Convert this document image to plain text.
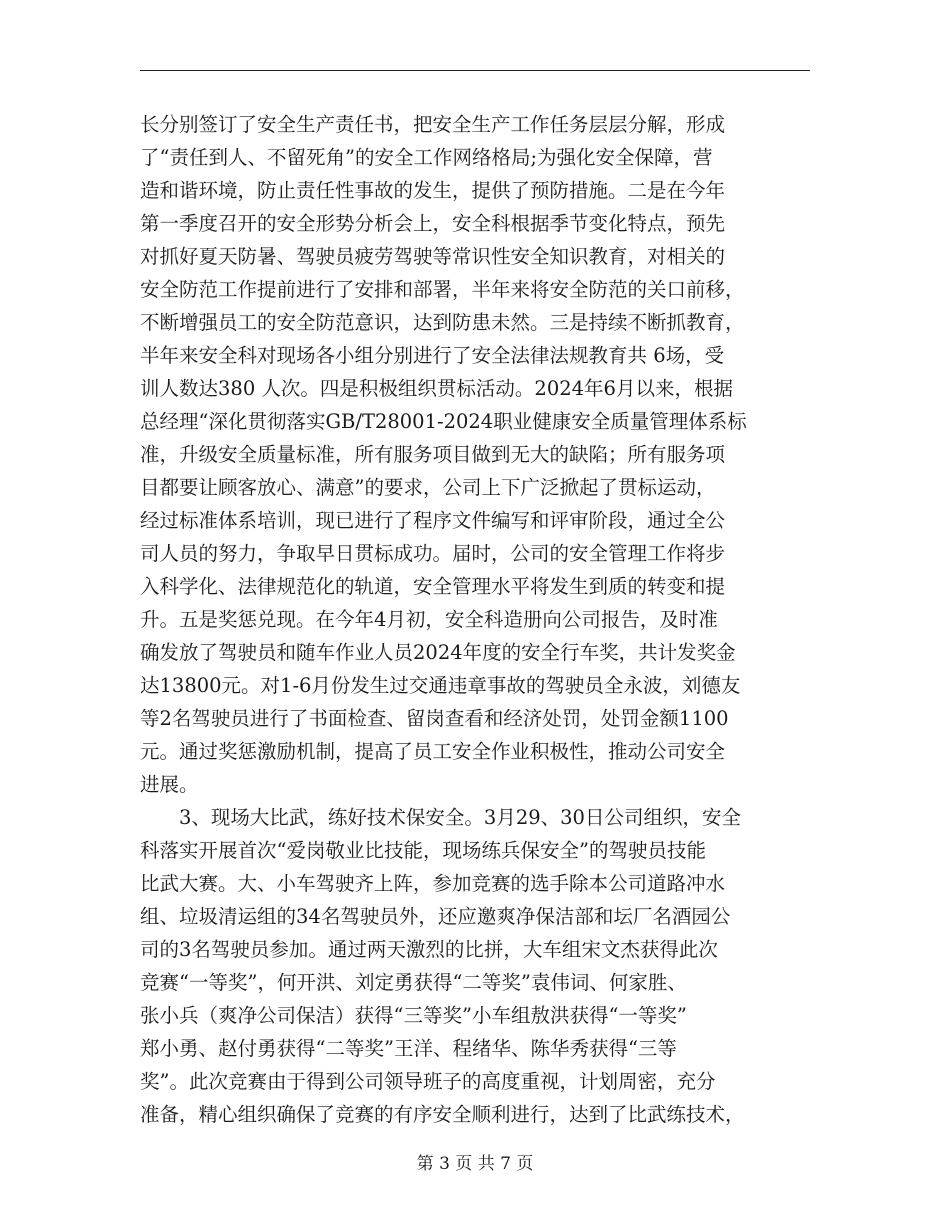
长分别签订了安全生产责任书，把安全生产工作任务层层分解，形成
了“责任到人、不留死角”的安全工作网络格局;为强化安全保障，营
造和谐环境，防止责任性事故的发生，提供了预防措施。二是在今年
第一季度召开的安全形势分析会上，安全科根据季节变化特点，预先
对抓好夏天防暑、驾驶员疲劳驾驶等常识性安全知识教育，对相关的
安全防范工作提前进行了安排和部署，半年来将安全防范的关口前移，
不断增强员工的安全防范意识，达到防患未然。三是持续不断抓教育，
半年来安全科对现场各小组分别进行了安全法律法规教育共 6场，受
训人数达380 人次。四是积极组织贯标活动。2024年6月以来，根据
总经理“深化贯彻落实GB/T28001-2024职业健康安全质量管理体系标
准，升级安全质量标准，所有服务项目做到无大的缺陷；所有服务项
目都要让顾客放心、满意”的要求，公司上下广泛掀起了贯标运动，
经过标准体系培训，现已进行了程序文件编写和评审阶段，通过全公
司人员的努力，争取早日贯标成功。届时，公司的安全管理工作将步
入科学化、法律规范化的轨道，安全管理水平将发生到质的转变和提
升。五是奖惩兑现。在今年4月初，安全科造册向公司报告，及时准
确发放了驾驶员和随车作业人员2024年度的安全行车奖，共计发奖金
达13800元。对1-6月份发生过交通违章事故的驾驶员全永波，刘德友
等2名驾驶员进行了书面检查、留岗查看和经济处罚，处罚金额1100
元。通过奖惩激励机制，提高了员工安全作业积极性，推动公司安全
进展。
　　3、现场大比武，练好技术保安全。3月29、30日公司组织，安全
科落实开展首次“爱岗敬业比技能，现场练兵保安全”的驾驶员技能
比武大赛。大、小车驾驶齐上阵，参加竞赛的选手除本公司道路冲水
组、垃圾清运组的34名驾驶员外，还应邀爽净保洁部和坛厂名酒园公
司的3名驾驶员参加。通过两天激烈的比拼，大车组宋文杰获得此次
竞赛“一等奖”，何开洪、刘定勇获得“二等奖”袁伟词、何家胜、
张小兵（爽净公司保洁）获得“三等奖”小车组敖洪获得“一等奖”
郑小勇、赵付勇获得“二等奖”王洋、程绪华、陈华秀获得“三等
奖”。此次竞赛由于得到公司领导班子的高度重视，计划周密，充分
准备，精心组织确保了竞赛的有序安全顺利进行，达到了比武练技术，
第 3 页 共 7 页
